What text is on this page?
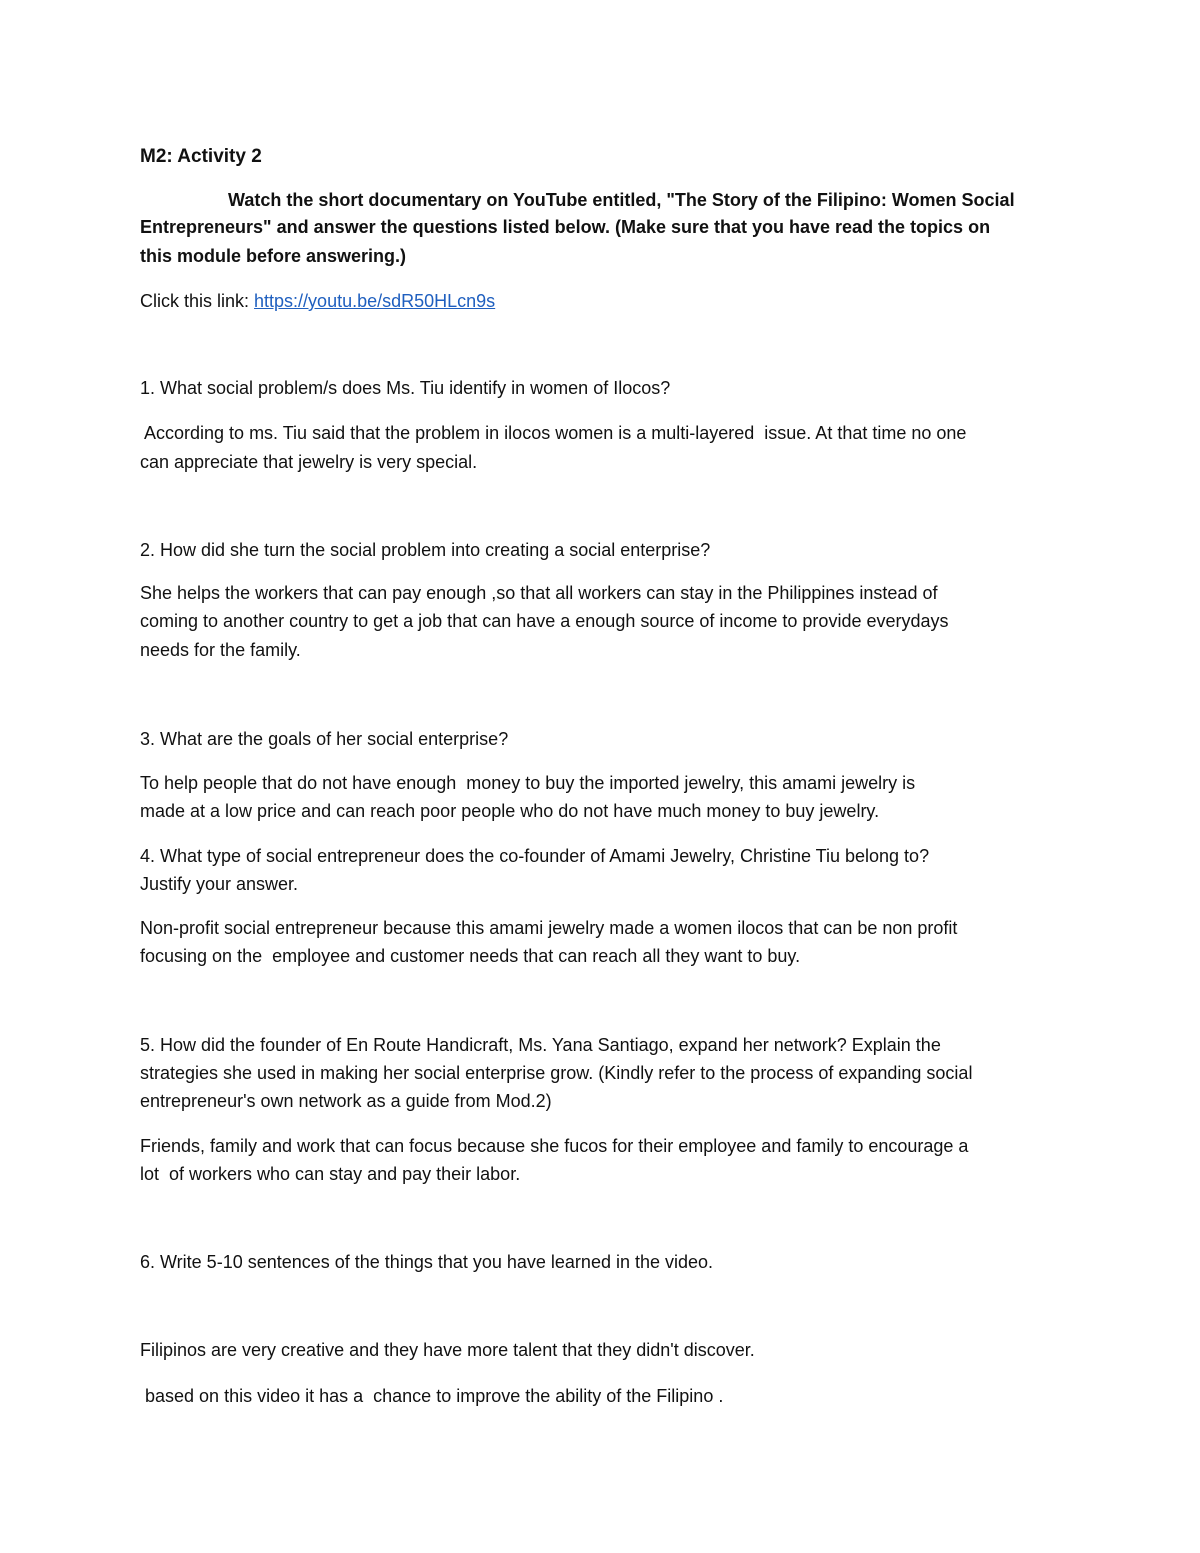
M2: Activity 2
Watch the short documentary on YouTube entitled, "The Story of the Filipino: Women Social
Entrepreneurs" and answer the questions listed below. (Make sure that you have read the topics on
this module before answering.)
Click this link: https://youtu.be/sdR50HLcn9s
1. What social problem/s does Ms. Tiu identify in women of Ilocos?
According to ms. Tiu said that the problem in ilocos women is a multi-layered  issue. At that time no one
can appreciate that jewelry is very special.
2. How did she turn the social problem into creating a social enterprise?
She helps the workers that can pay enough ,so that all workers can stay in the Philippines instead of
coming to another country to get a job that can have a enough source of income to provide everydays
needs for the family.
3. What are the goals of her social enterprise?
To help people that do not have enough  money to buy the imported jewelry, this amami jewelry is
made at a low price and can reach poor people who do not have much money to buy jewelry.
4. What type of social entrepreneur does the co-founder of Amami Jewelry, Christine Tiu belong to?
Justify your answer.
Non-profit social entrepreneur because this amami jewelry made a women ilocos that can be non profit
focusing on the  employee and customer needs that can reach all they want to buy.
5. How did the founder of En Route Handicraft, Ms. Yana Santiago, expand her network? Explain the
strategies she used in making her social enterprise grow. (Kindly refer to the process of expanding social
entrepreneur's own network as a guide from Mod.2)
Friends, family and work that can focus because she fucos for their employee and family to encourage a
lot  of workers who can stay and pay their labor.
6. Write 5-10 sentences of the things that you have learned in the video.
Filipinos are very creative and they have more talent that they didn't discover.
based on this video it has a  chance to improve the ability of the Filipino .
